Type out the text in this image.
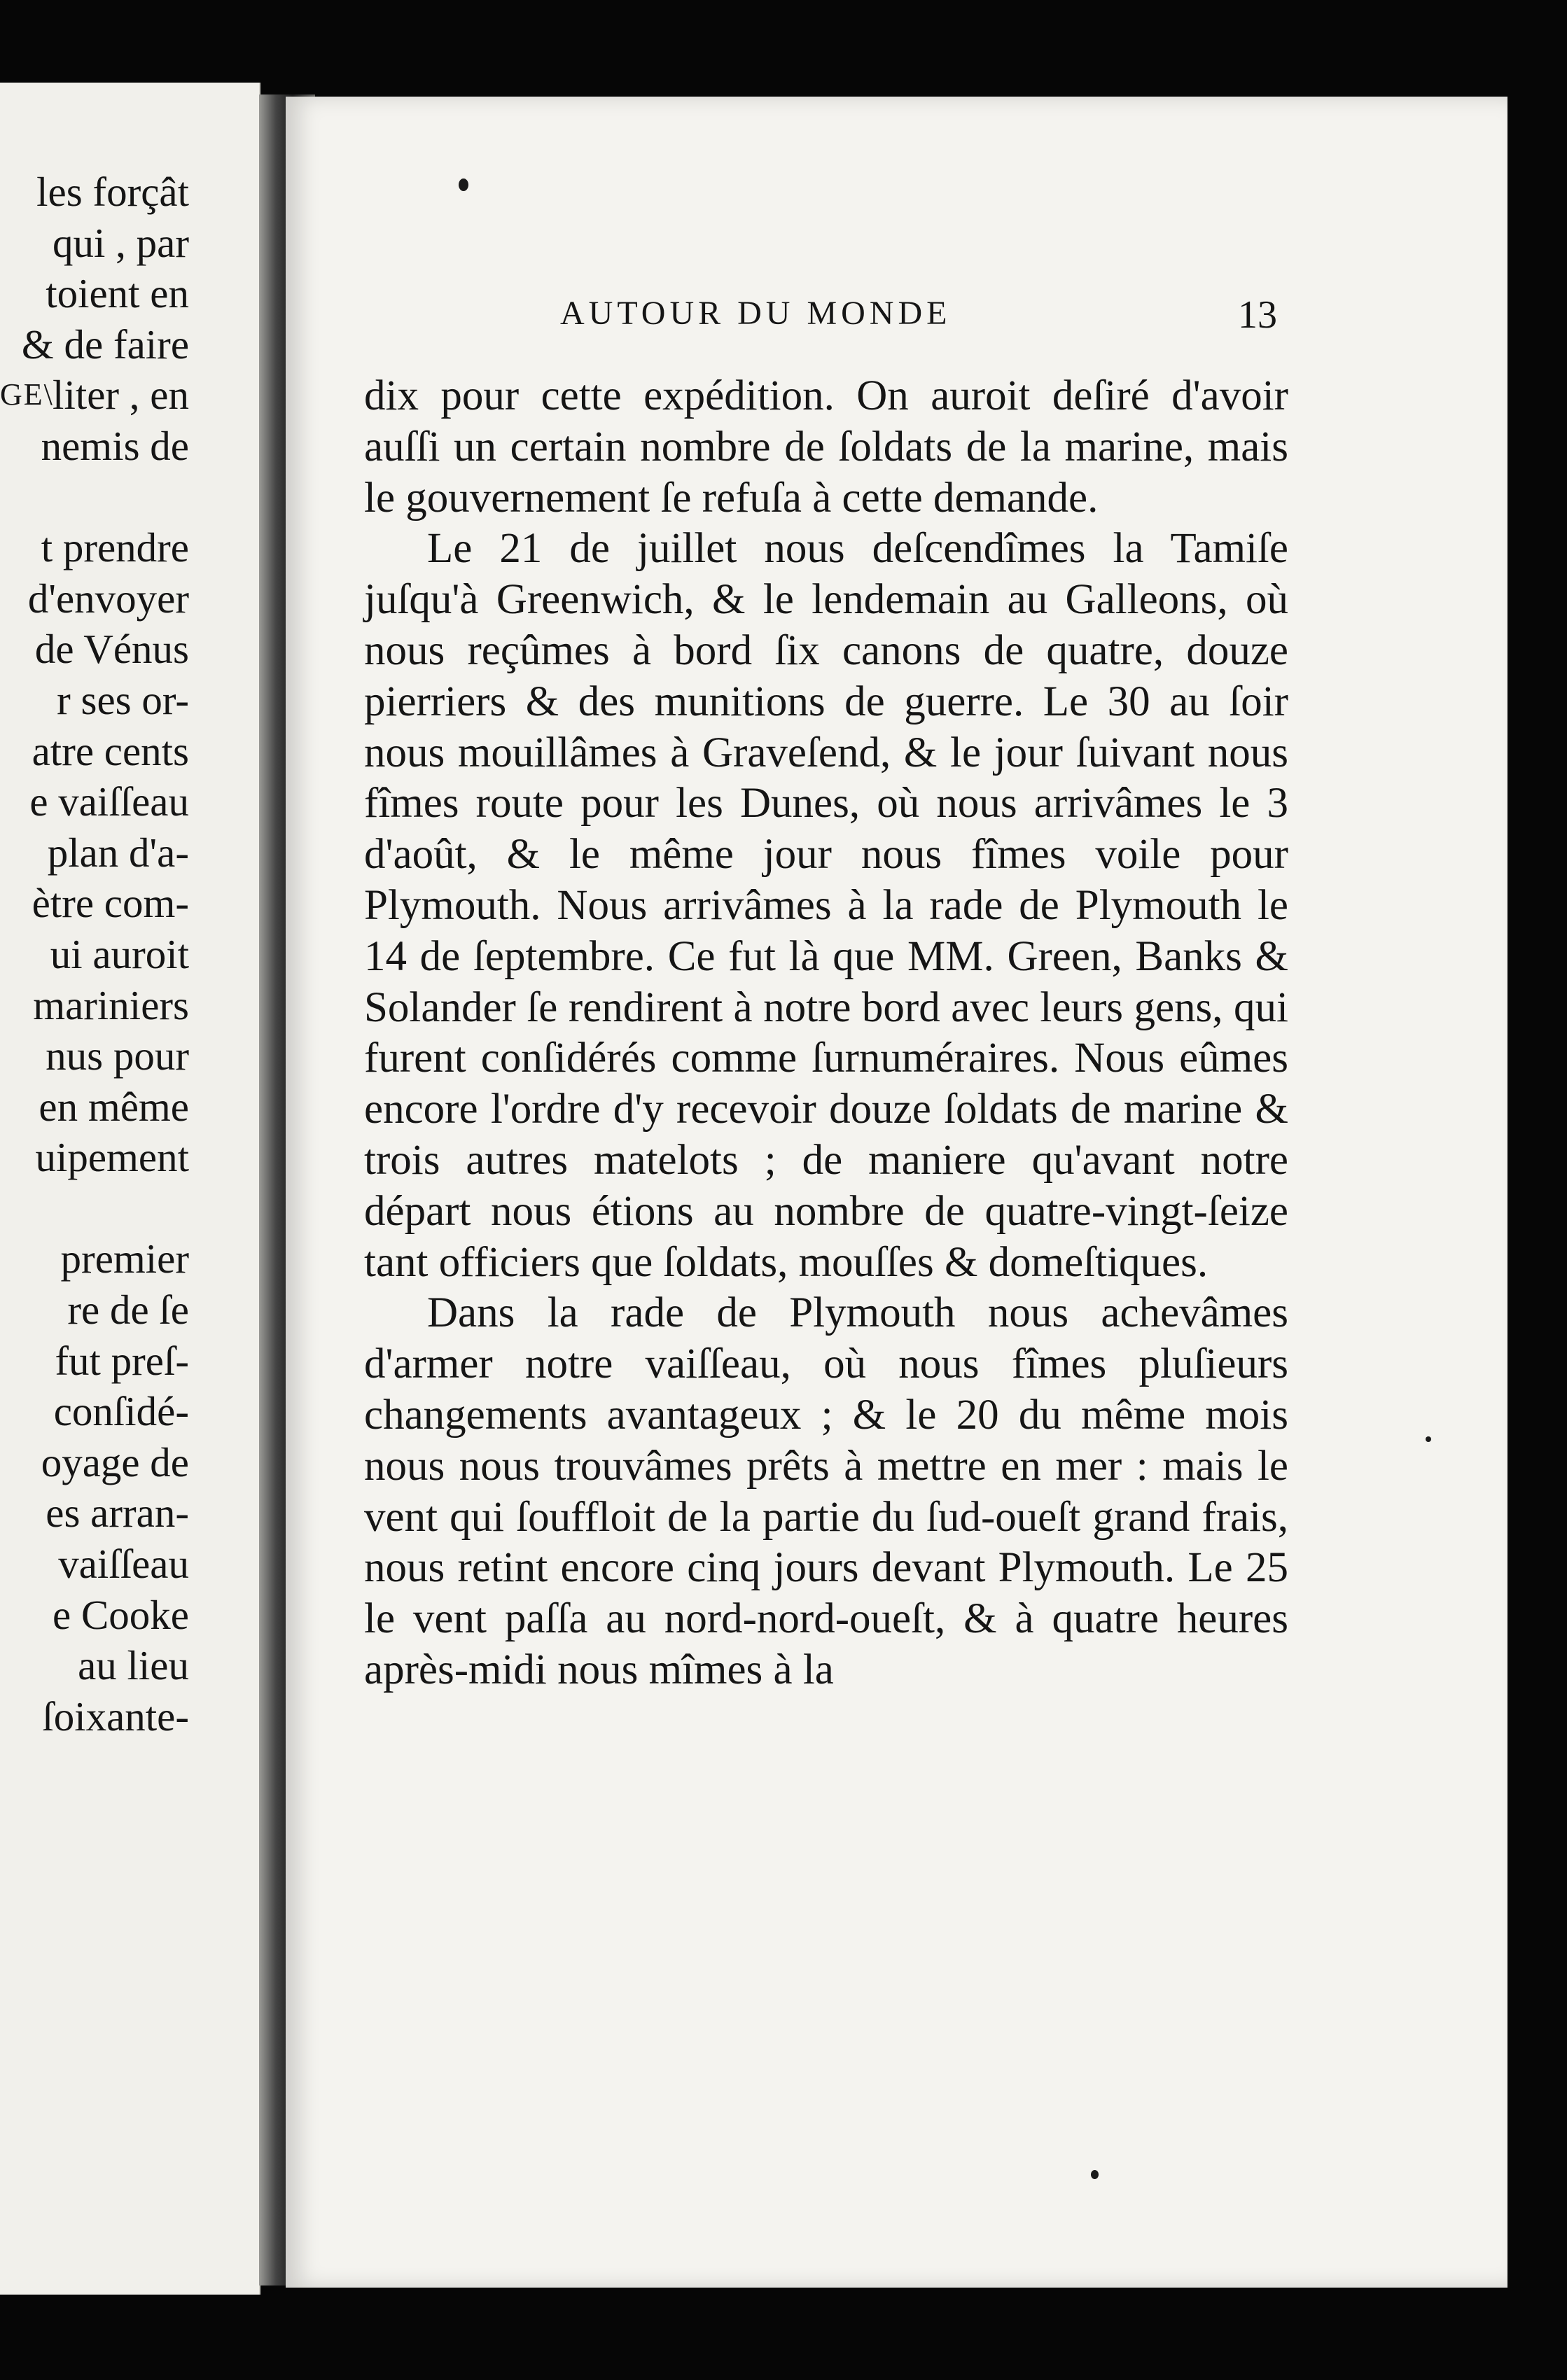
GE\
les forçât
qui , par
toient en
& de faire
liter , en
nemis de

t prendre
d'envoyer
de Vénus
r ses or-
atre cents
e vaiſſeau
plan d'a-
ètre com-
ui auroit
mariniers
nus pour
en même
uipement

premier
re de ſe
fut preſ-
conſidé-
oyage de
es arran-
vaiſſeau
e Cooke
au lieu
ſoixante-
AUTOUR DU MONDE	13

dix pour cette expédition. On auroit deſiré d'avoir auſſi un certain nombre de ſoldats de la marine, mais le gouvernement ſe refuſa à cette demande.

Le 21 de juillet nous deſcendîmes la Tamiſe juſqu'à Greenwich, & le lendemain au Galleons, où nous reçûmes à bord ſix canons de quatre, douze pierriers & des munitions de guerre. Le 30 au ſoir nous mouillâmes à Graveſend, & le jour ſuivant nous fîmes route pour les Dunes, où nous arrivâmes le 3 d'août, & le même jour nous fîmes voile pour Plymouth. Nous arrivâmes à la rade de Plymouth le 14 de ſeptembre. Ce fut là que MM. Green, Banks & Solander ſe rendirent à notre bord avec leurs gens, qui furent conſidérés comme ſurnuméraires. Nous eûmes encore l'ordre d'y recevoir douze ſoldats de marine & trois autres matelots ; de maniere qu'avant notre départ nous étions au nombre de quatre-vingt-ſeize tant officiers que ſoldats, mouſſes & domeſtiques.

Dans la rade de Plymouth nous achevâmes d'armer notre vaiſſeau, où nous fîmes pluſieurs changements avantageux ; & le 20 du même mois nous nous trouvâmes prêts à mettre en mer : mais le vent qui ſouffloit de la partie du ſud-oueſt grand frais, nous retint encore cinq jours devant Plymouth. Le 25 le vent paſſa au nord-nord-oueſt, & à quatre heures après-midi nous mîmes à la
